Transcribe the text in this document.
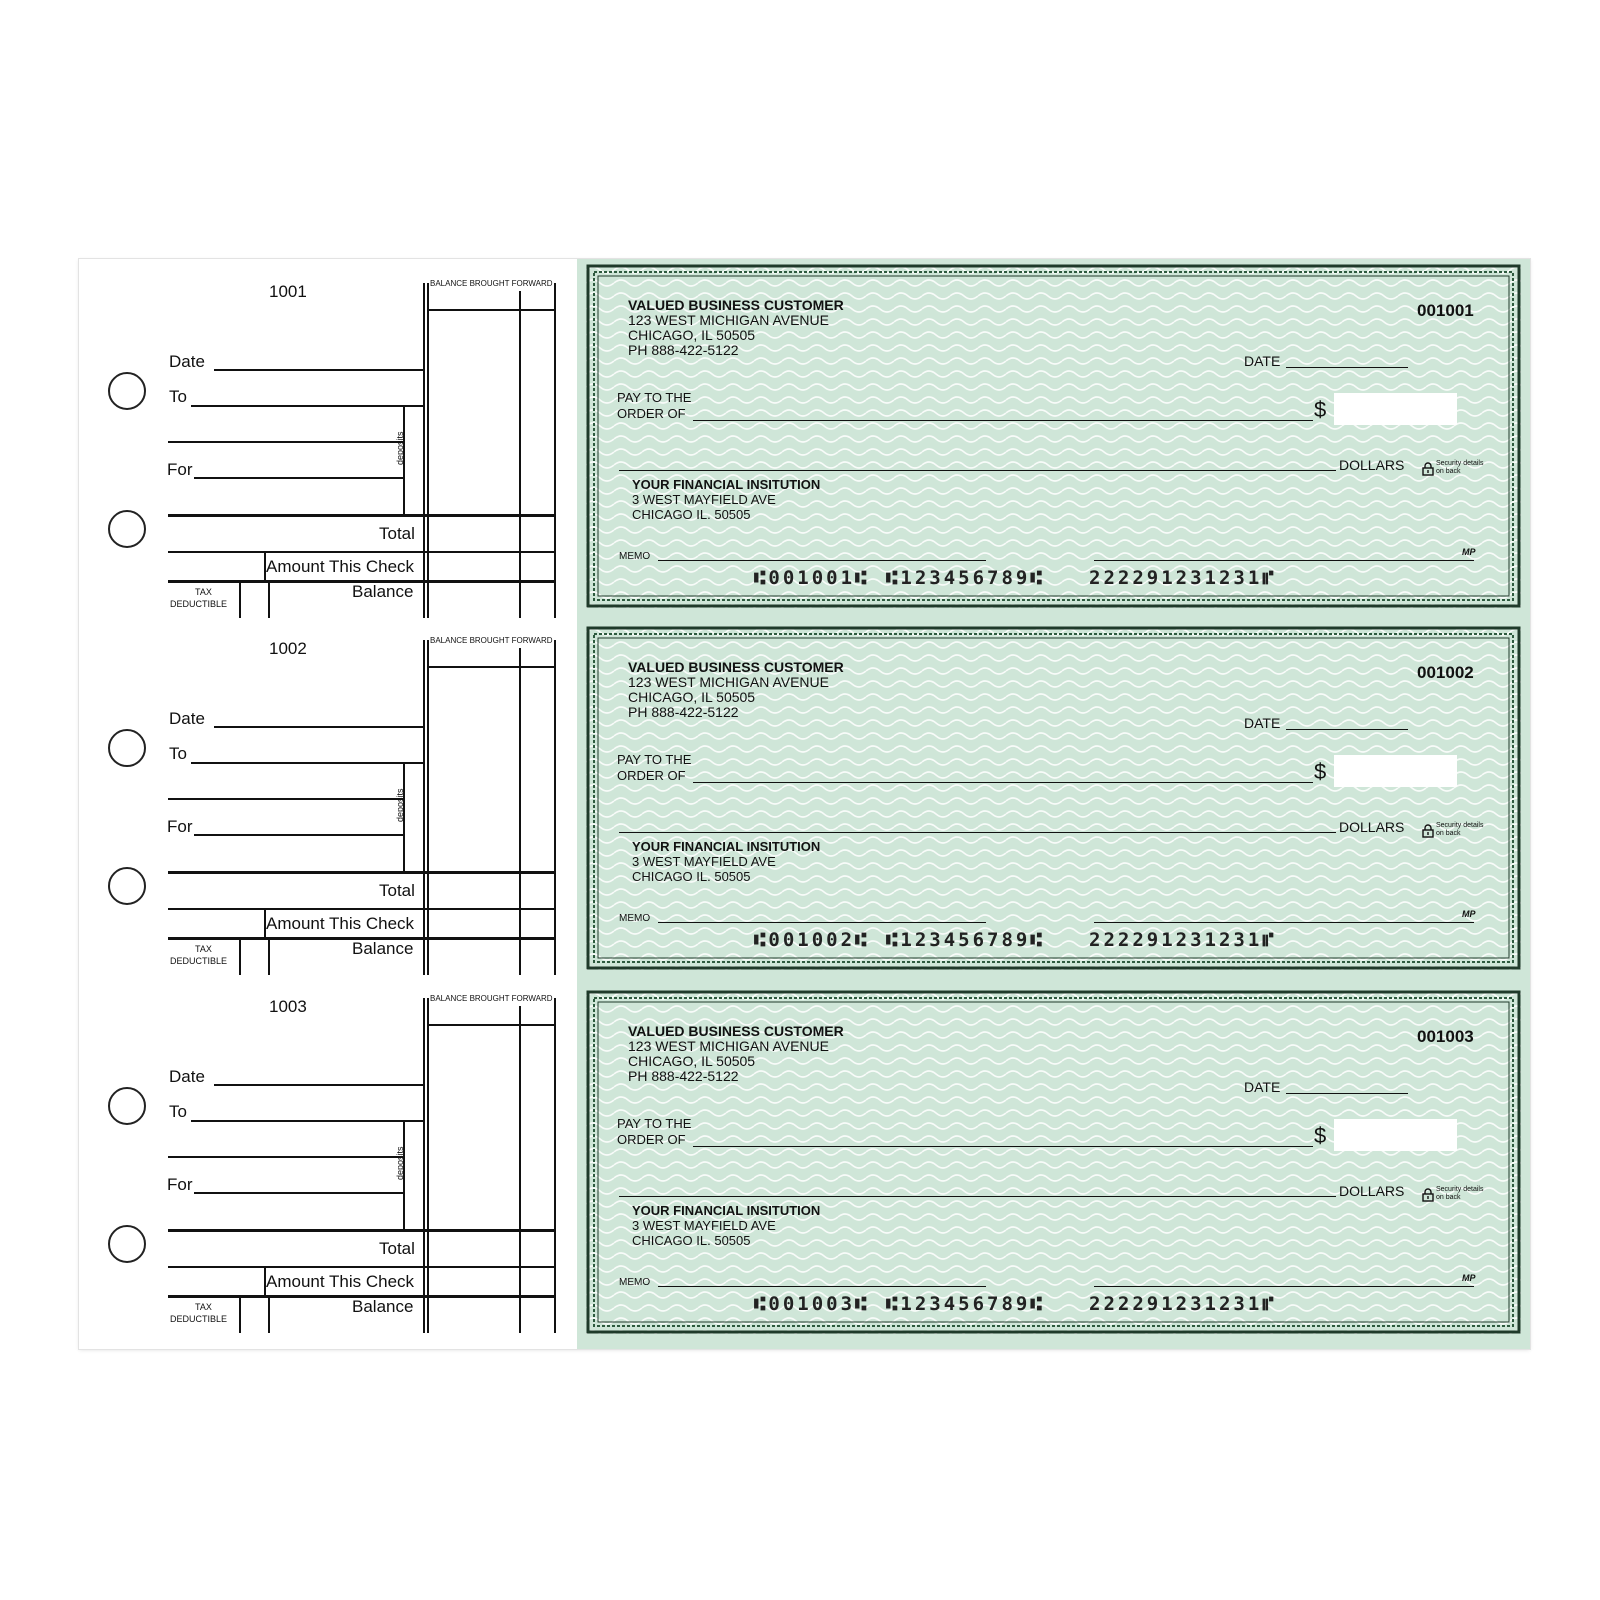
1001
Date
To
For
deposits
BALANCE BROUGHT FORWARD
Total
Amount This Check
TAX
DEDUCTIBLE
Balance
VALUED BUSINESS CUSTOMER
123 WEST MICHIGAN AVENUE
CHICAGO, IL 50505
PH 888-422-5122
001001
DATE
PAY TO THE
ORDER OF	$
DOLLARS	Security details
on back
YOUR FINANCIAL INSITUTION
3 WEST MAYFIELD AVE
CHICAGO IL. 50505
MEMO	MP
⑆001001⑆ ⑆123456789⑆ 222291231231⑈
1002
Date
To
For
deposits
BALANCE BROUGHT FORWARD
Total
Amount This Check
TAX
DEDUCTIBLE
Balance
VALUED BUSINESS CUSTOMER
123 WEST MICHIGAN AVENUE
CHICAGO, IL 50505
PH 888-422-5122
001002
DATE
PAY TO THE
ORDER OF	$
DOLLARS	Security details
on back
YOUR FINANCIAL INSITUTION
3 WEST MAYFIELD AVE
CHICAGO IL. 50505
MEMO	MP
⑆001002⑆ ⑆123456789⑆ 222291231231⑈
1003
Date
To
For
deposits
BALANCE BROUGHT FORWARD
Total
Amount This Check
TAX
DEDUCTIBLE
Balance
VALUED BUSINESS CUSTOMER
123 WEST MICHIGAN AVENUE
CHICAGO, IL 50505
PH 888-422-5122
001003
DATE
PAY TO THE
ORDER OF	$
DOLLARS	Security details
on back
YOUR FINANCIAL INSITUTION
3 WEST MAYFIELD AVE
CHICAGO IL. 50505
MEMO	MP
⑆001003⑆ ⑆123456789⑆ 222291231231⑈
